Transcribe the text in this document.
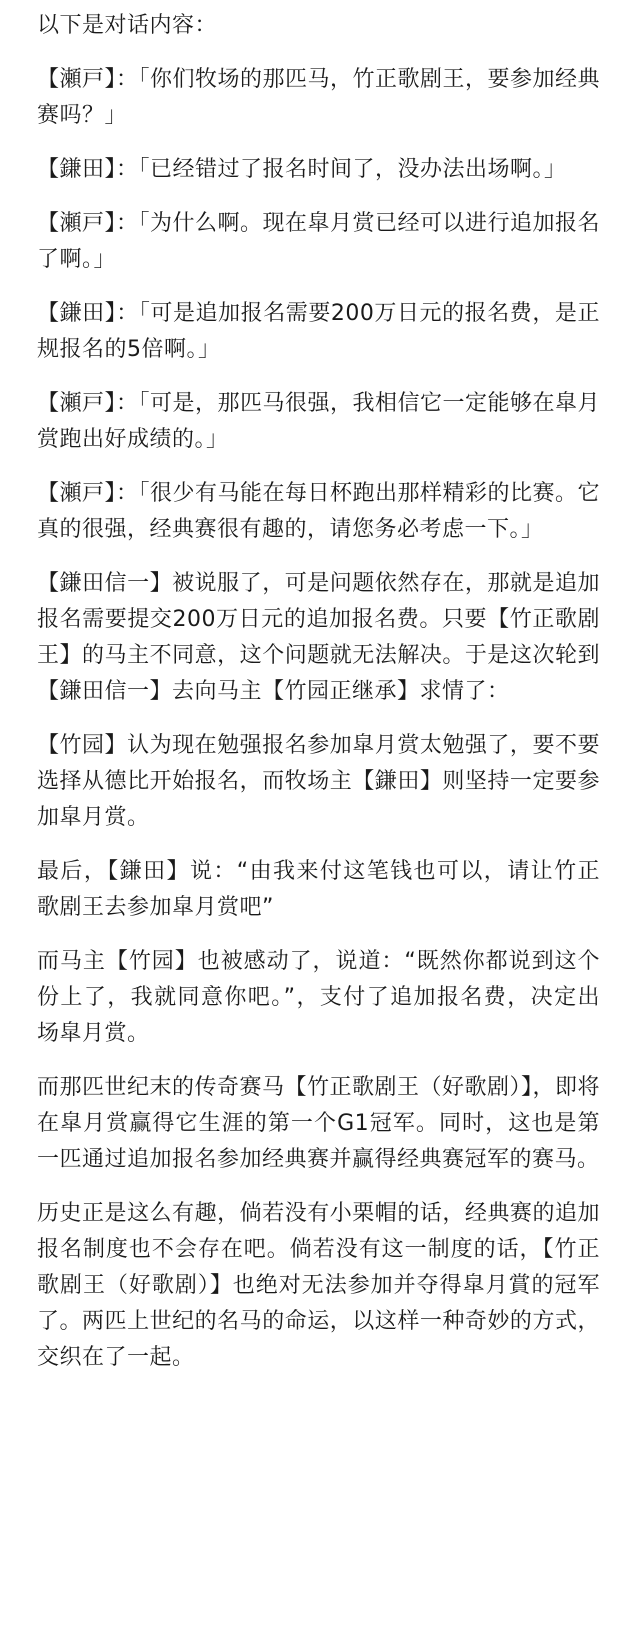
以下是对话内容：

【瀬戸】：「你们牧场的那匹马，竹正歌剧王，要参加经典赛吗？」

【鎌田】：「已经错过了报名时间了，没办法出场啊。」

【瀬戸】：「为什么啊。现在皐月赏已经可以进行追加报名了啊。」

【鎌田】：「可是追加报名需要200万日元的报名费，是正规报名的5倍啊。」

【瀬戸】：「可是，那匹马很强，我相信它一定能够在皐月赏跑出好成绩的。」

【瀬戸】：「很少有马能在每日杯跑出那样精彩的比赛。它真的很强，经典赛很有趣的，请您务必考虑一下。」

【鎌田信一】被说服了，可是问题依然存在，那就是追加报名需要提交200万日元的追加报名费。只要【竹正歌剧王】的马主不同意，这个问题就无法解决。于是这次轮到【鎌田信一】去向马主【竹园正继承】求情了：

【竹园】认为现在勉强报名参加皐月赏太勉强了，要不要选择从德比开始报名，而牧场主【鎌田】则坚持一定要参加皐月赏。

最后，【鎌田】说：“由我来付这笔钱也可以，请让竹正歌剧王去参加皐月赏吧”

而马主【竹园】也被感动了，说道：“既然你都说到这个份上了，我就同意你吧。”，支付了追加报名费，决定出场皐月赏。

而那匹世纪末的传奇赛马【竹正歌剧王（好歌剧）】，即将在皐月赏赢得它生涯的第一个G1冠军。同时，这也是第一匹通过追加报名参加经典赛并赢得经典赛冠军的赛马。

历史正是这么有趣，倘若没有小栗帽的话，经典赛的追加报名制度也不会存在吧。倘若没有这一制度的话，【竹正歌剧王（好歌剧）】也绝对无法参加并夺得皐月賞的冠军了。两匹上世纪的名马的命运，以这样一种奇妙的方式，交织在了一起。
